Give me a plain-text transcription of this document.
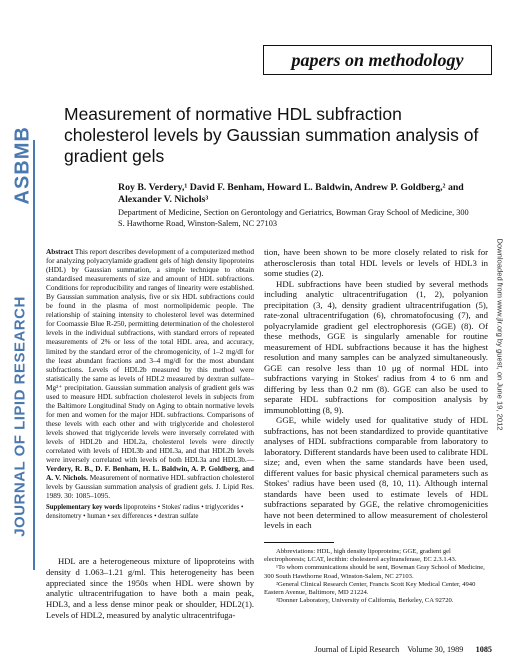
ASBMB
JOURNAL OF LIPID RESEARCH	Downloaded from www.jlr.org by guest, on June 19, 2012
papers on methodology
Measurement of normative HDL subfraction cholesterol levels by Gaussian summation analysis of gradient gels
Roy B. Verdery,¹ David F. Benham, Howard L. Baldwin, Andrew P. Goldberg,² and Alexander V. Nichols³
Department of Medicine, Section on Gerontology and Geriatrics, Bowman Gray School of Medicine, 300
S. Hawthorne Road, Winston-Salem, NC 27103
Abstract This report describes development of a computerized method for analyzing polyacrylamide gradient gels of high density lipoproteins (HDL) by Gaussian summation, a simple technique to obtain standardised measurements of size and amount of HDL subfractions. Conditions for reproducibility and ranges of linearity were established. By Gaussian summation analysis, five or six HDL subfractions could be found in the plasma of most normolipidemic people. The relationship of staining intensity to cholesterol level was determined for Coomassie Blue R-250, permitting determination of the cholesterol levels in the individual subfractions, with standard errors of repeated measurements of 2% or less of the total HDL area, and accuracy, limited by the standard error of the chromogenicity, of 1–2 mg/dl for the least abundant fractions and 3–4 mg/dl for the most abundant subfractions. Levels of HDL2b measured by this method were statistically the same as levels of HDL2 measured by dextran sulfate–Mg²⁺ precipitation. Gaussian summation analysis of gradient gels was used to measure HDL subfraction cholesterol levels in subjects from the Baltimore Longitudinal Study on Aging to obtain normative levels for men and women for the major HDL subfractions. Comparisons of these levels with each other and with triglyceride and cholesterol levels showed that triglyceride levels were inversely correlated with levels of HDL2b and HDL2a, cholesterol levels were directly correlated with levels of HDL3b and HDL3a, and that HDL2b levels were inversely correlated with levels of both HDL3a and HDL3b.— Verdery, R. B., D. F. Benham, H. L. Baldwin, A. P. Goldberg, and A. V. Nichols. Measurement of normative HDL subfraction cholesterol levels by Gaussian summation analysis of gradient gels. J. Lipid Res. 1989. 30: 1085–1095.
Supplementary key words lipoproteins • Stokes' radius • triglycerides • densitometry • human • sex differences • dextran sulfate
HDL are a heterogeneous mixture of lipoproteins with density d 1.063–1.21 g/ml. This heterogeneity has been appreciated since the 1950s when HDL were shown by analytic ultracentrifugation to have both a main peak, HDL3, and a less dense minor peak or shoulder, HDL2(1). Levels of HDL2, measured by analytic ultracentrifuga-

tion, have been shown to be more closely related to risk for atherosclerosis than total HDL levels or levels of HDL3 in some studies (2).

HDL subfractions have been studied by several methods including analytic ultracentrifugation (1, 2), polyanion precipitation (3, 4), density gradient ultracentrifugation (5), rate-zonal ultracentrifugation (6), chromatofocusing (7), and polyacrylamide gradient gel electrophoresis (GGE) (8). Of these methods, GGE is singularly amenable for routine measurement of HDL subfractions because it has the highest resolution and many samples can be analyzed simultaneously. GGE can resolve less than 10 μg of normal HDL into subfractions varying in Stokes' radius from 4 to 6 nm and differing by less than 0.2 nm (8). GGE can also be used to separate HDL subfractions for composition analysis by immunoblotting (8, 9).

GGE, while widely used for qualitative study of HDL subfractions, has not been standardized to provide quantitative analyses of HDL subfractions comparable from laboratory to laboratory. Different standards have been used to calibrate HDL size; and, even when the same standards have been used, different values for basic physical chemical parameters such as Stokes' radius have been used (8, 10, 11). Although internal standards have been used to estimate levels of HDL subfractions separated by GGE, the relative chromogenicities have not been determined to allow measurement of cholesterol levels in each

Abbreviations: HDL, high density lipoproteins; GGE, gradient gel electrophoresis; LCAT, lecithin: cholesterol acyltransferase, EC 2.3.1.43.

¹To whom communications should be sent, Bowman Gray School of Medicine, 300 South Hawthorne Road, Winston-Salem, NC 27103.

²General Clinical Research Center, Francis Scott Key Medical Center, 4940 Eastern Avenue, Baltimore, MD 21224.

³Donner Laboratory, University of California, Berkeley, CA 92720.

Journal of Lipid Research Volume 30, 1989 1085
